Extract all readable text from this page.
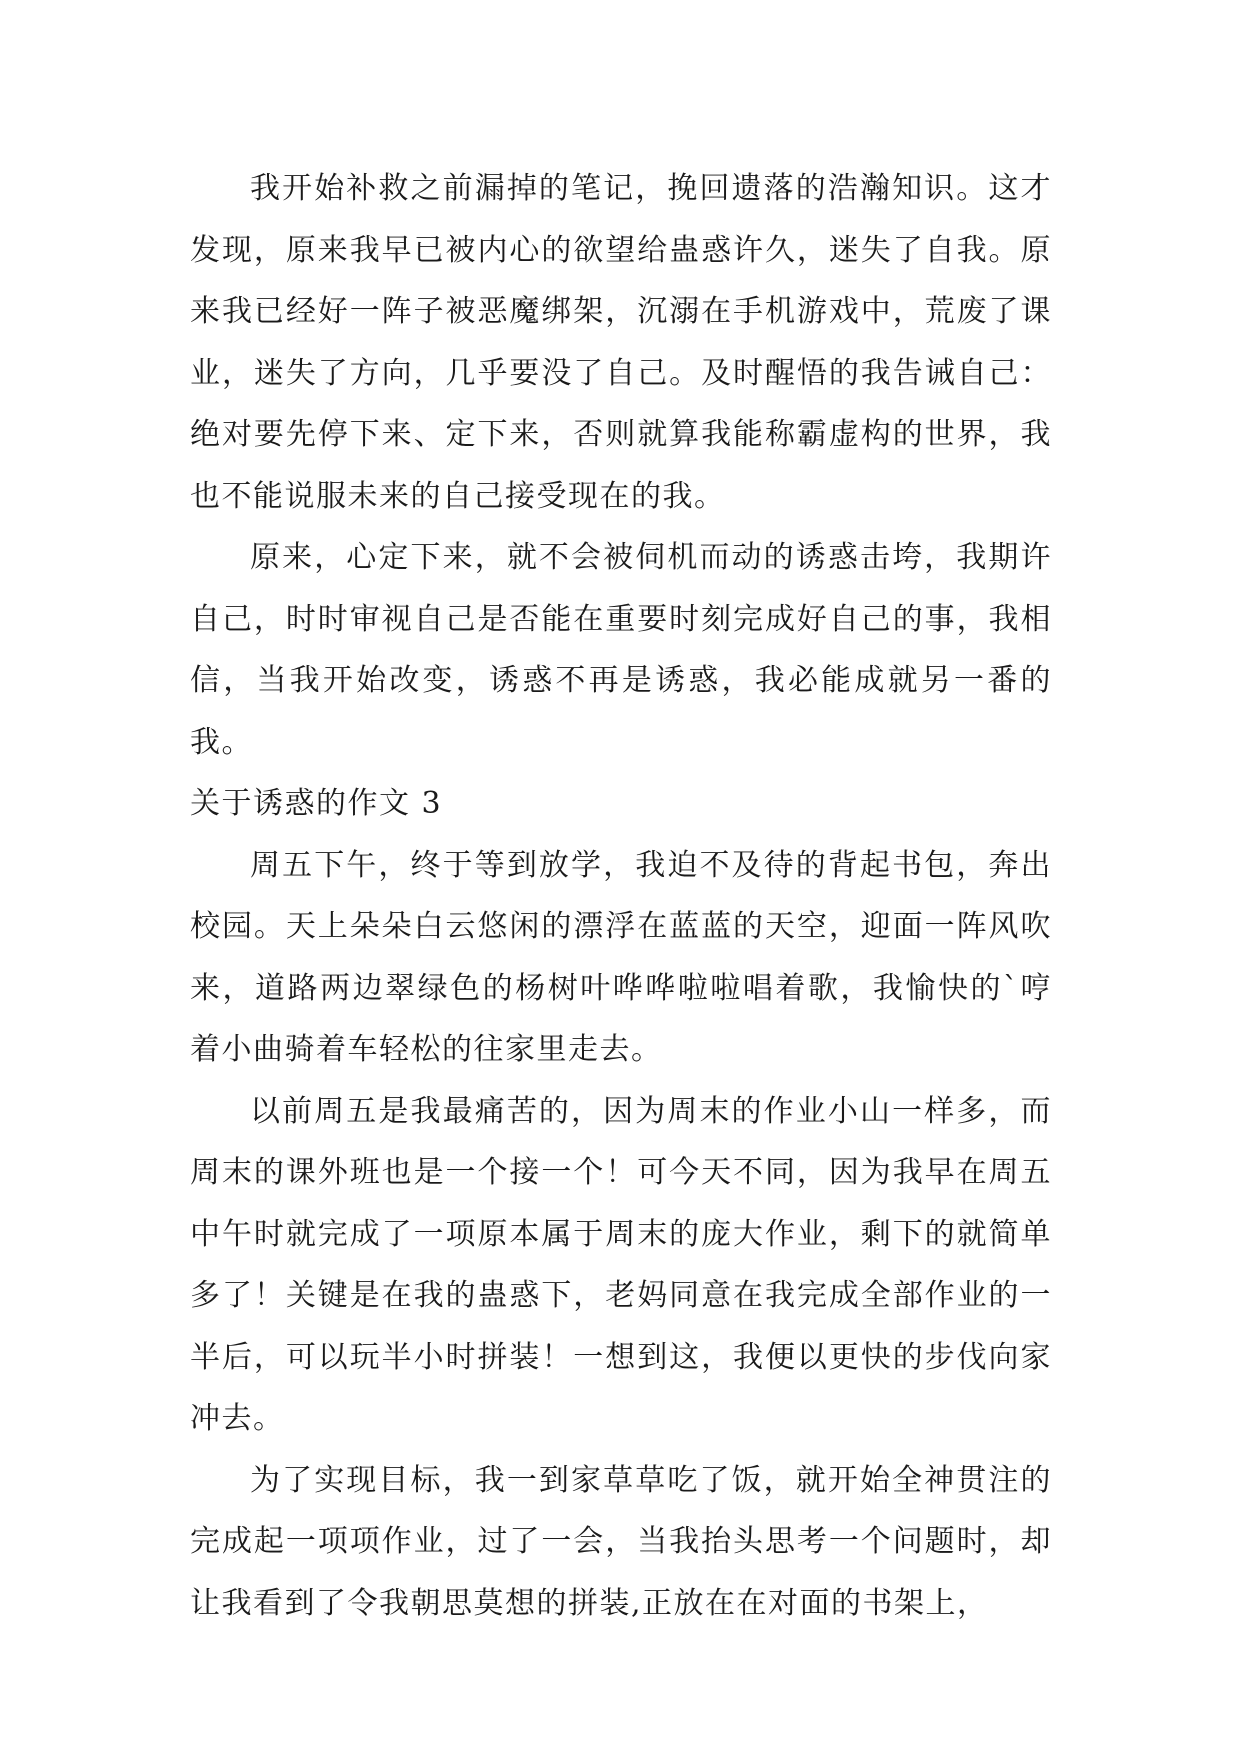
我开始补救之前漏掉的笔记，挽回遗落的浩瀚知识。这才发现，原来我早已被内心的欲望给蛊惑许久，迷失了自我。原来我已经好一阵子被恶魔绑架，沉溺在手机游戏中，荒废了课业，迷失了方向，几乎要没了自己。及时醒悟的我告诫自己：绝对要先停下来、定下来，否则就算我能称霸虚构的世界，我也不能说服未来的自己接受现在的我。

原来，心定下来，就不会被伺机而动的诱惑击垮，我期许自己，时时审视自己是否能在重要时刻完成好自己的事，我相信，当我开始改变，诱惑不再是诱惑，我必能成就另一番的我。

关于诱惑的作文 3

周五下午，终于等到放学，我迫不及待的背起书包，奔出校园。天上朵朵白云悠闲的漂浮在蓝蓝的天空，迎面一阵风吹来，道路两边翠绿色的杨树叶哗哗啦啦唱着歌，我愉快的`哼着小曲骑着车轻松的往家里走去。

以前周五是我最痛苦的，因为周末的作业小山一样多，而周末的课外班也是一个接一个！可今天不同，因为我早在周五中午时就完成了一项原本属于周末的庞大作业，剩下的就简单多了！关键是在我的蛊惑下，老妈同意在我完成全部作业的一半后，可以玩半小时拼装！一想到这，我便以更快的步伐向家冲去。

为了实现目标，我一到家草草吃了饭，就开始全神贯注的完成起一项项作业，过了一会，当我抬头思考一个问题时，却让我看到了令我朝思莫想的拼装,正放在在对面的书架上，
